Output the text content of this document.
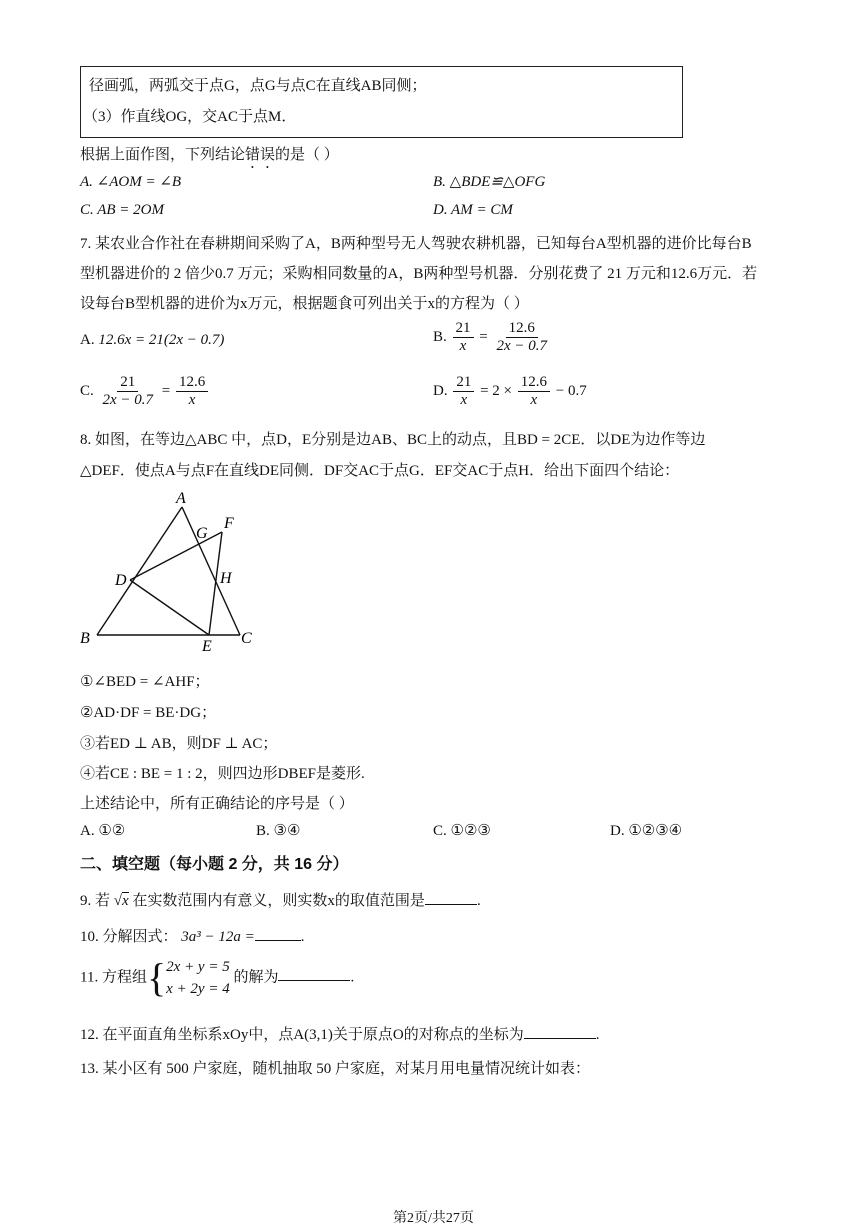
径画弧，两弧交于点G，点G与点C在直线AB同侧；
（3）作直线OG，交AC于点M．
根据上面作图，下列结论错误的是（ ）
A. ∠AOM = ∠B	B. △BDE≌△OFG
C. AB = 2OM	D. AM = CM
7. 某农业合作社在春耕期间采购了A，B两种型号无人驾驶农耕机器，已知每台A型机器的进价比每台B
型机器进价的 2 倍少0.7 万元；采购相同数量的A，B两种型号机器．分别花费了 21 万元和12.6万元．若
设每台B型机器的进价为x万元，根据题食可列出关于x的方程为（ ）
A. 12.6x = 21(2x − 0.7)	B. $\frac{21}{x} = \frac{12.6}{2x - 0.7}$
C. $\frac{21}{2x - 0.7} = \frac{12.6}{x}$	D. $\frac{21}{x} = 2 \times \frac{12.6}{x} - 0.7$
8. 如图，在等边△ABC 中，点D，E分别是边AB、BC上的动点，且BD = 2CE．以DE为边作等边
△DEF．使点A与点F在直线DE同侧．DF交AC于点G．EF交AC于点H．给出下面四个结论：
A
B	C
D
E
F
G
H
①∠BED = ∠AHF；
②AD·DF = BE·DG；
③若ED ⊥ AB，则DF ⊥ AC；
④若CE : BE = 1 : 2，则四边形DBEF是菱形.
上述结论中，所有正确结论的序号是（ ）
A. ①②	B. ③④	C. ①②③	D. ①②③④
二、填空题（每小题 2 分，共 16 分）
9. 若 √x 在实数范围内有意义，则实数x的取值范围是	.
10. 分解因式： 3a³ − 12a =	.
11. 方程组{ 2x + y = 5
x + 2y = 4
的解为	.
12. 在平面直角坐标系xOy中，点A(3,1)关于原点O的对称点的坐标为	.
13. 某小区有 500 户家庭，随机抽取 50 户家庭，对某月用电量情况统计如表：
第2页/共27页
